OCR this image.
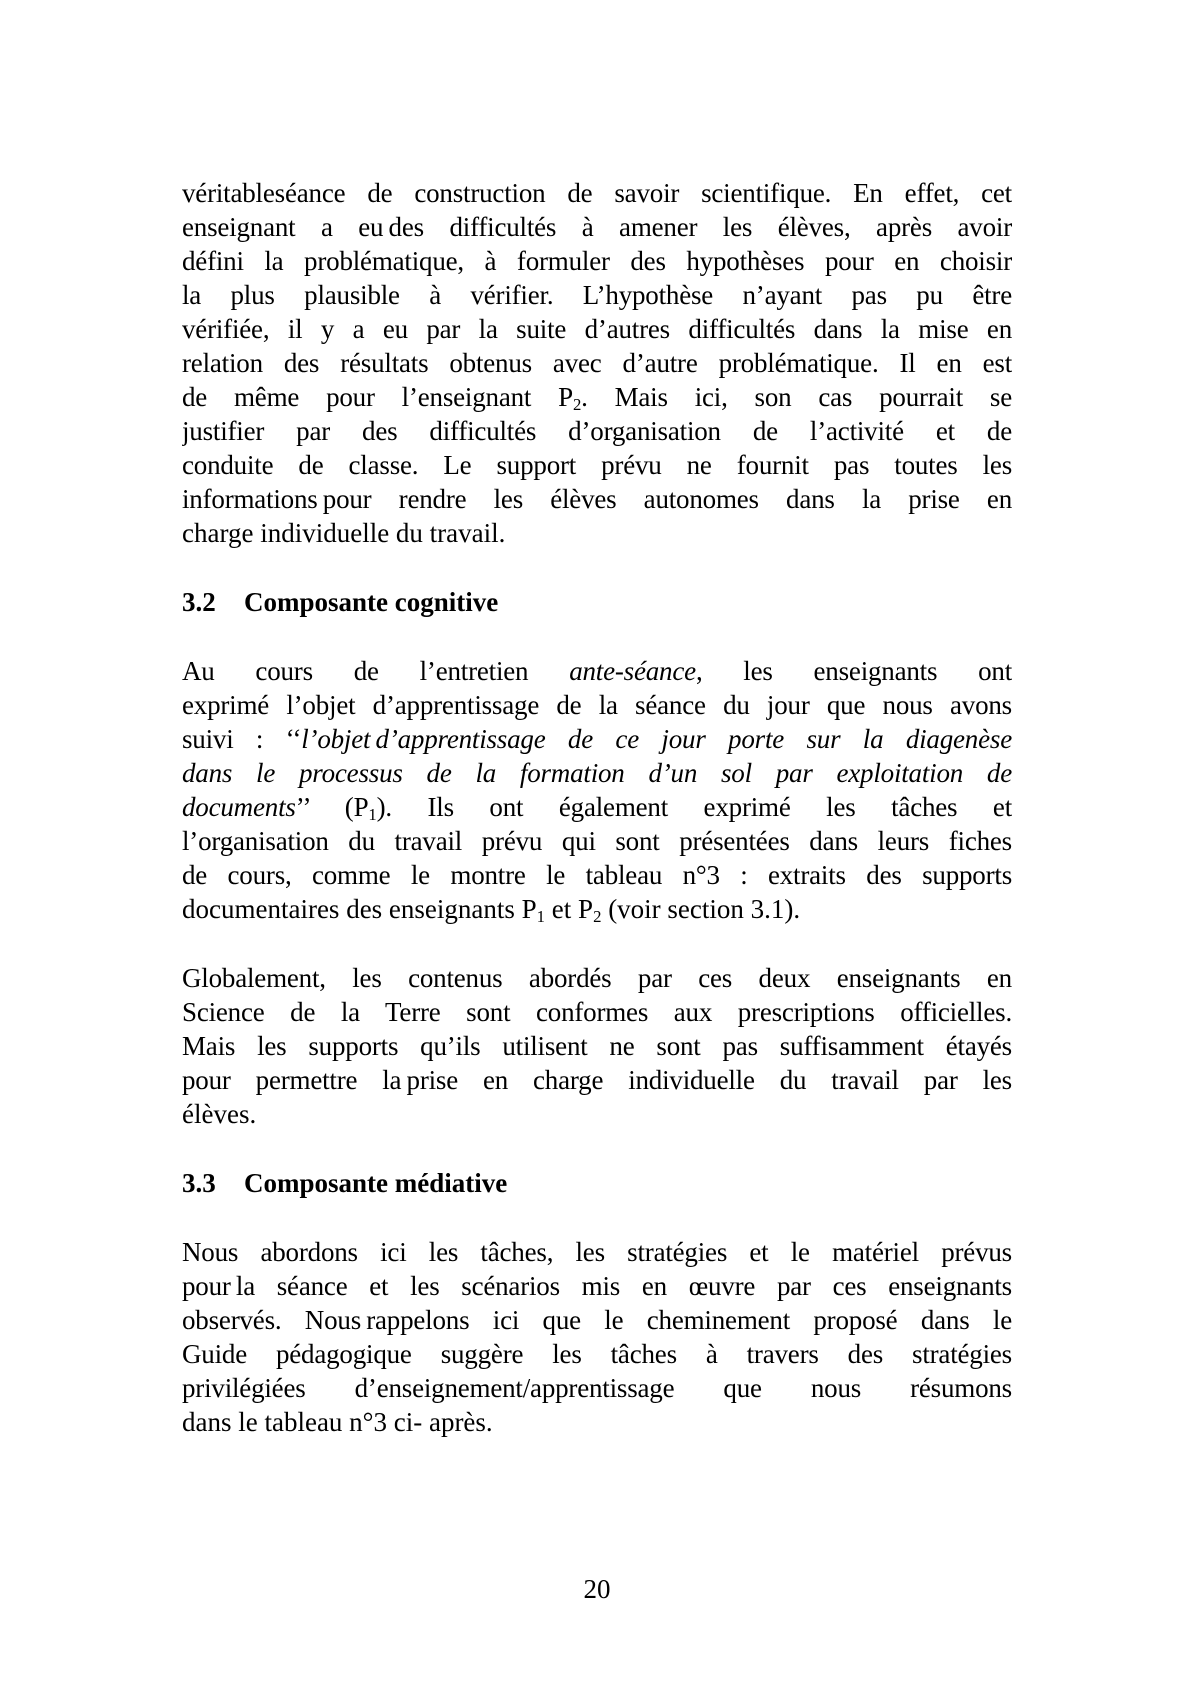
véritableséance de construction de savoir scientifique. En effet, cet
enseignant a eu des difficultés à amener les élèves, après avoir
défini la problématique, à formuler des hypothèses pour en choisir
la plus plausible à vérifier. L’hypothèse n’ayant pas pu être
vérifiée, il y a eu par la suite d’autres difficultés dans la mise en
relation des résultats obtenus avec d’autre problématique. Il en est
de même pour l’enseignant $P_2$. Mais ici, son cas pourrait se
justifier par des difficultés d’organisation de l’activité et de
conduite de classe. Le support prévu ne fournit pas toutes les
informations pour rendre les élèves autonomes dans la prise en
charge individuelle du travail.
3.2 Composante cognitive
Au cours de l’entretien ante-séance, les enseignants ont
exprimé l’objet d’apprentissage de la séance du jour que nous avons
suivi : ‘‘l’objet d’apprentissage de ce jour porte sur la diagenèse
dans le processus de la formation d’un sol par exploitation de
documents’’ $(P_1)$. Ils ont également exprimé les tâches et
l’organisation du travail prévu qui sont présentées dans leurs fiches
de cours, comme le montre le tableau n°3 : extraits des supports
documentaires des enseignants $P_1$ et $P_2$ (voir section 3.1).
Globalement, les contenus abordés par ces deux enseignants en
Science de la Terre sont conformes aux prescriptions officielles.
Mais les supports qu’ils utilisent ne sont pas suffisamment étayés
pour permettre la prise en charge individuelle du travail par les
élèves.
3.3 Composante médiative
Nous abordons ici les tâches, les stratégies et le matériel prévus
pour la séance et les scénarios mis en œuvre par ces enseignants
observés. Nous rappelons ici que le cheminement proposé dans le
Guide pédagogique suggère les tâches à travers des stratégies
privilégiées d’enseignement/apprentissage que nous résumons
dans le tableau n°3 ci- après.
20
